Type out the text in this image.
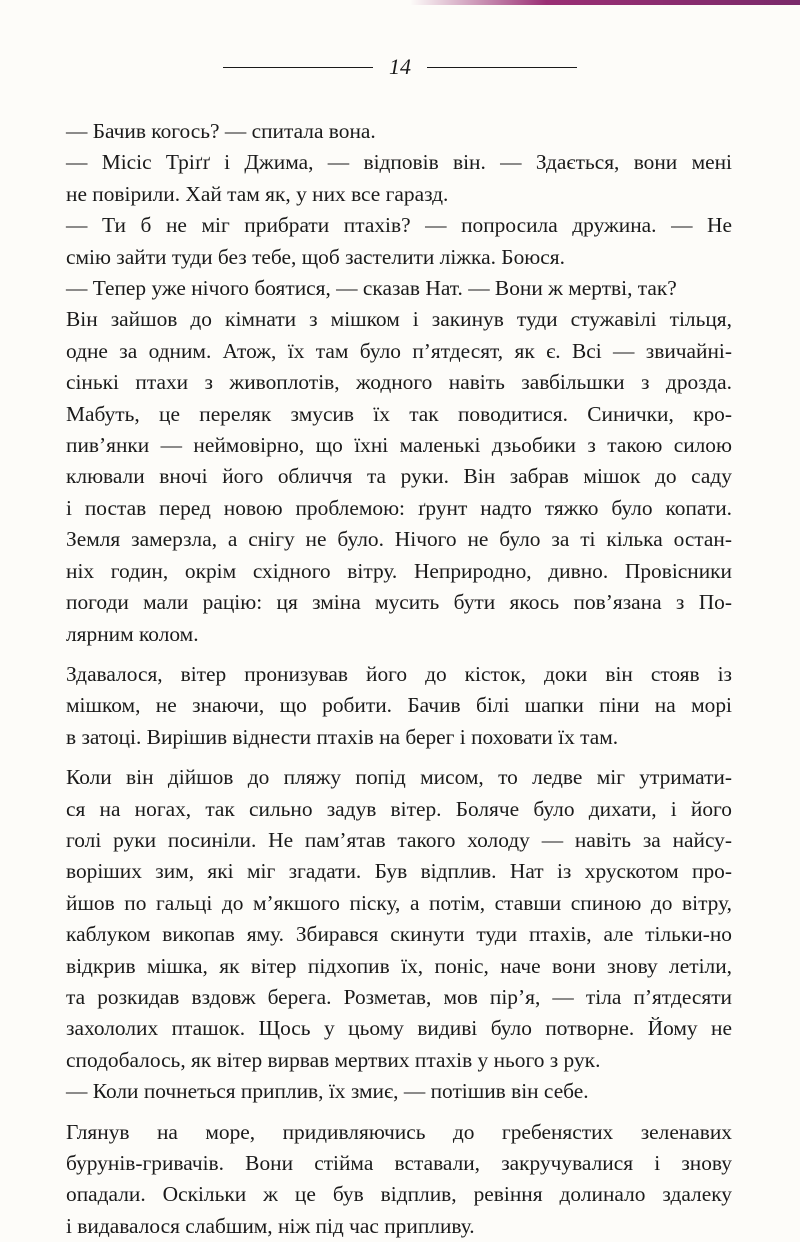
14

— Бачив когось? — спитала вона.

— Місіс Тріґґ і Джима, — відповів він. — Здається, вони мені
не повірили. Хай там як, у них все гаразд.

— Ти б не міг прибрати птахів? — попросила дружина. — Не
смію зайти туди без тебе, щоб застелити ліжка. Боюся.

— Тепер уже нічого боятися, — сказав Нат. — Вони ж мертві, так?

Він зайшов до кімнати з мішком і закинув туди стужавілі тільця,
одне за одним. Атож, їх там було п’ятдесят, як є. Всі — звичайні-
сінькі птахи з живоплотів, жодного навіть завбільшки з дрозда.
Мабуть, це переляк змусив їх так поводитися. Синички, кро-
пив’янки — неймовірно, що їхні маленькі дзьобики з такою силою
клювали вночі його обличчя та руки. Він забрав мішок до саду
і постав перед новою проблемою: ґрунт надто тяжко було копати.
Земля замерзла, а снігу не було. Нічого не було за ті кілька остан-
ніх годин, окрім східного вітру. Неприродно, дивно. Провісники
погоди мали рацію: ця зміна мусить бути якось пов’язана з По-
лярним колом.

Здавалося, вітер пронизував його до кісток, доки він стояв із
мішком, не знаючи, що робити. Бачив білі шапки піни на морі
в затоці. Вирішив віднести птахів на берег і поховати їх там.

Коли він дійшов до пляжу попід мисом, то ледве міг утримати-
ся на ногах, так сильно задув вітер. Боляче було дихати, і його
голі руки посиніли. Не пам’ятав такого холоду — навіть за найсу-
воріших зим, які міг згадати. Був відплив. Нат із хрускотом про-
йшов по гальці до м’якшого піску, а потім, ставши спиною до вітру,
каблуком викопав яму. Збирався скинути туди птахів, але тільки-но
відкрив мішка, як вітер підхопив їх, поніс, наче вони знову летіли,
та розкидав вздовж берега. Розметав, мов пір’я, — тіла п’ятдесяти
захололих пташок. Щось у цьому видиві було потворне. Йому не
сподобалось, як вітер вирвав мертвих птахів у нього з рук.

— Коли почнеться приплив, їх змиє, — потішив він себе.

Глянув на море, придивляючись до гребенястих зеленавих
бурунів-гривачів. Вони стійма вставали, закручувалися і знову
опадали. Оскільки ж це був відплив, ревіння долинало здалеку
і видавалося слабшим, ніж під час припливу.
